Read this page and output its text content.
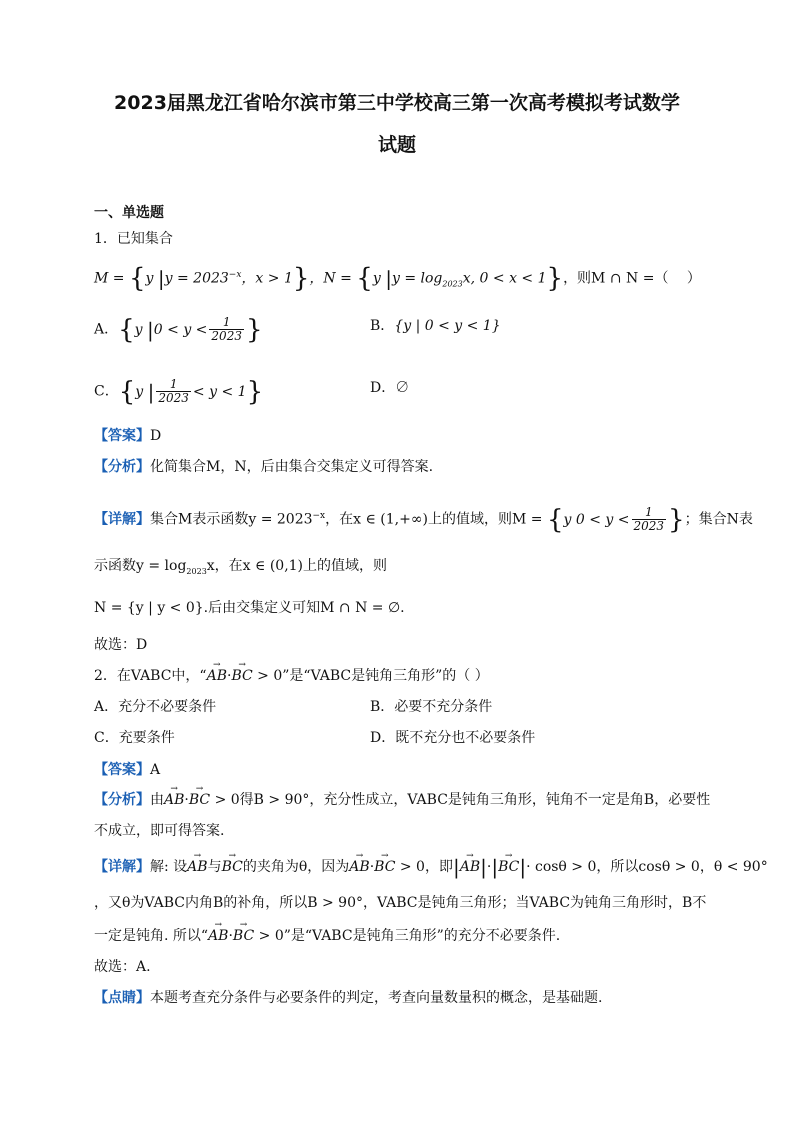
2023届黑龙江省哈尔滨市第三中学校高三第一次高考模拟考试数学
试题
一、单选题
1．已知集合
M = {y $|y = 2023^{-x}$，x > 1}，N = {y $|y = \log_{2023}x$, 0 < x < 1}，则M ∩ N =（　 ）
A．{y $|0 < y < \frac{1}{2023}$ }	B．{y | 0 < y < 1}
C．{y | $\frac{1}{2023} < y < 1$}	D．∅
【答案】D
【分析】化简集合M，N，后由集合交集定义可得答案.
【详解】集合M表示函数$y = 2023^{-x}$，在x ∈ (1,+∞)上的值域，则M = {y $0 < y < \frac{1}{2023}$ }；集合N表
示函数$y = \log_{2023}x$，在x ∈ (0,1)上的值域，则
N = {y | y < 0}.后由交集定义可知M ∩ N = ∅.
故选：D
2．在VABC中，“→ AB·→ BC > 0”是“VABC是钝角三角形”的（ ）
A．充分不必要条件	B．必要不充分条件
C．充要条件	D．既不充分也不必要条件
【答案】A
【分析】由→ AB·→ BC > 0得B > 90°，充分性成立，VABC是钝角三角形，钝角不一定是角B，必要性
不成立，即可得答案.
【详解】解: 设→ AB与→ BC的夹角为θ，因为→ AB·→ BC > 0，即|→ AB|·|→ BC|· cosθ > 0，所以cosθ > 0，θ < 90°
，又θ为VABC内角B的补角，所以B > 90°，VABC是钝角三角形；当VABC为钝角三角形时，B不
一定是钝角. 所以“→ AB·→ BC > 0”是“VABC是钝角三角形”的充分不必要条件.
故选：A.
【点睛】本题考查充分条件与必要条件的判定，考查向量数量积的概念，是基础题.
